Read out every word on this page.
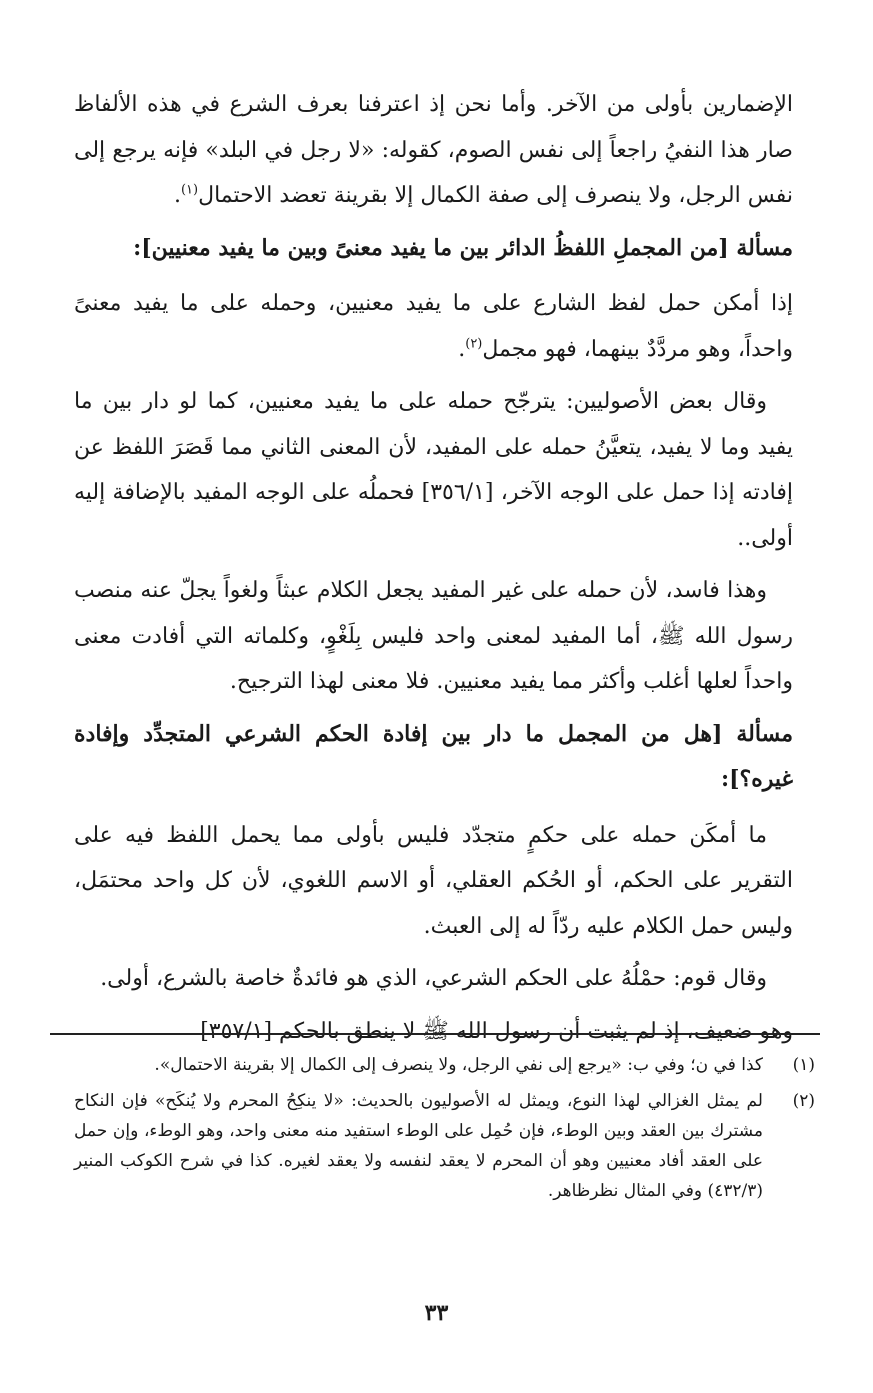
الإضمارين بأولى من الآخر. وأما نحن إذ اعترفنا بعرف الشرع في هذه الألفاظ صار هذا النفيُ راجعاً إلى نفس الصوم، كقوله: «لا رجل في البلد» فإنه يرجع إلى نفس الرجل، ولا ينصرف إلى صفة الكمال إلا بقرينة تعضد الاحتمال$^{(١)}$.

مسألة [من المجملِ اللفظُ الدائر بين ما يفيد معنىً وبين ما يفيد معنيين]:

إذا أمكن حمل لفظ الشارع على ما يفيد معنيين، وحمله على ما يفيد معنىً واحداً، وهو مردَّدٌ بينهما، فهو مجمل$^{(٢)}$.

وقال بعض الأصوليين: يترجّح حمله على ما يفيد معنيين، كما لو دار بين ما يفيد وما لا يفيد، يتعيَّنُ حمله على المفيد، لأن المعنى الثاني مما قَصَرَ اللفظ عن إفادته إذا حمل على الوجه الآخر، [٣٥٦/١] فحملُه على الوجه المفيد بالإضافة إليه أولى..

وهذا فاسد، لأن حمله على غير المفيد يجعل الكلام عبثاً ولغواً يجلّ عنه منصب رسول الله ﷺ، أما المفيد لمعنى واحد فليس بِلَغْوٍ، وكلماته التي أفادت معنى واحداً لعلها أغلب وأكثر مما يفيد معنيين. فلا معنى لهذا الترجيح.

مسألة [هل من المجمل ما دار بين إفادة الحكم الشرعي المتجدِّد وإفادة غيره؟]:

ما أمكَن حمله على حكمٍ متجدّد فليس بأولى مما يحمل اللفظ فيه على التقرير على الحكم، أو الحُكم العقلي، أو الاسم اللغوي، لأن كل واحد محتمَل، وليس حمل الكلام عليه ردّاً له إلى العبث.

وقال قوم: حمْلُهُ على الحكم الشرعي، الذي هو فائدةٌ خاصة بالشرع، أولى.

وهو ضعيف، إذ لم يثبت أن رسول الله ﷺ لا ينطق بالحكم [٣٥٧/١]

(١)
كذا في ن؛ وفي ب: «يرجع إلى نفي الرجل، ولا ينصرف إلى الكمال إلا بقرينة الاحتمال».
(٢)
لم يمثل الغزالي لهذا النوع، ويمثل له الأصوليون بالحديث: «لا ينكِحُ المحرم ولا يُنكَح» فإن النكاح مشترك بين العقد وبين الوطء، فإن حُمِل على الوطء استفيد منه معنى واحد، وهو الوطء، وإن حمل على العقد أفاد معنيين وهو أن المحرم لا يعقد لنفسه ولا يعقد لغيره. كذا في شرح الكوكب المنير (٤٣٢/٣) وفي المثال نظرظاهر.
٣٣
